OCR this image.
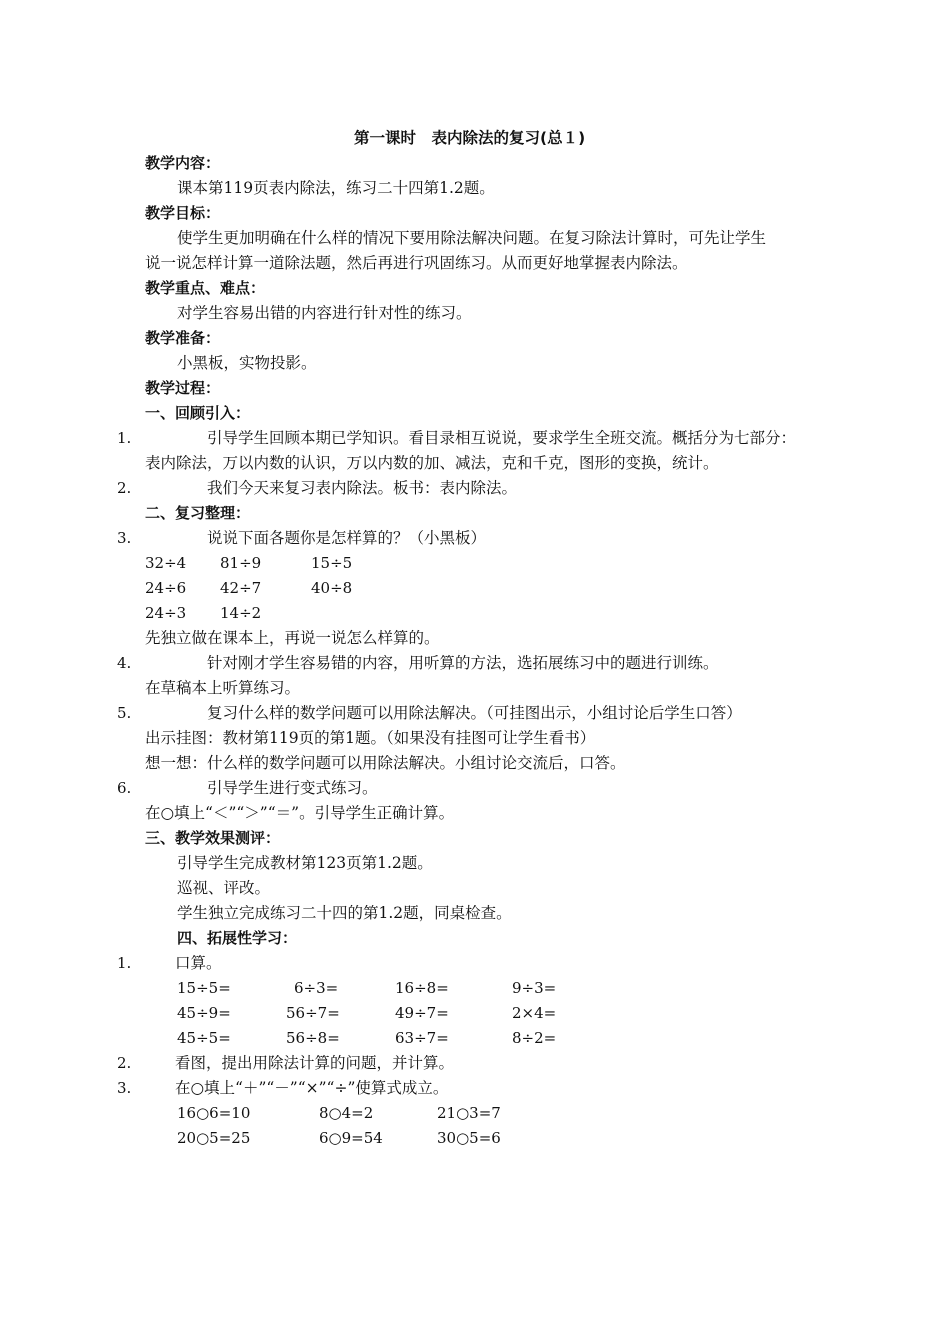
第一课时　表内除法的复习(总１)
教学内容：
课本第119页表内除法，练习二十四第1.2题。
教学目标：
使学生更加明确在什么样的情况下要用除法解决问题。在复习除法计算时，可先让学生
说一说怎样计算一道除法题，然后再进行巩固练习。从而更好地掌握表内除法。
教学重点、难点：
对学生容易出错的内容进行针对性的练习。
教学准备：
小黑板，实物投影。
教学过程：
一、回顾引入：
1.	引导学生回顾本期已学知识。看目录相互说说，要求学生全班交流。概括分为七部分：
表内除法，万以内数的认识，万以内数的加、减法，克和千克，图形的变换，统计。
2.	我们今天来复习表内除法。板书：表内除法。
二、复习整理：
3.	说说下面各题你是怎样算的？（小黑板）
32÷4 81÷9	15÷5
24÷6 42÷7	40÷8
24÷3 14÷2
先独立做在课本上，再说一说怎么样算的。
4.	针对刚才学生容易错的内容，用听算的方法，选拓展练习中的题进行训练。
在草稿本上听算练习。
5.	复习什么样的数学问题可以用除法解决。（可挂图出示，小组讨论后学生口答）
出示挂图：教材第119页的第1题。（如果没有挂图可让学生看书）
想一想：什么样的数学问题可以用除法解决。小组讨论交流后，口答。
6.	引导学生进行变式练习。
在○填上“＜”“＞”“＝”。引导学生正确计算。
三、教学效果测评：
引导学生完成教材第123页第1.2题。
巡视、评改。
学生独立完成练习二十四的第1.2题，同桌检查。
四、拓展性学习：
1.	口算。
15÷5=	6÷3=	16÷8=	9÷3=
45÷9=	56÷7=	49÷7=	2×4=
45÷5=	56÷8=	63÷7=	8÷2=
2.	看图，提出用除法计算的问题，并计算。
3.	在○填上“＋”“－”“×”“÷”使算式成立。
16○6=10	8○4=2	21○3=7
20○5=25	6○9=54	30○5=6
